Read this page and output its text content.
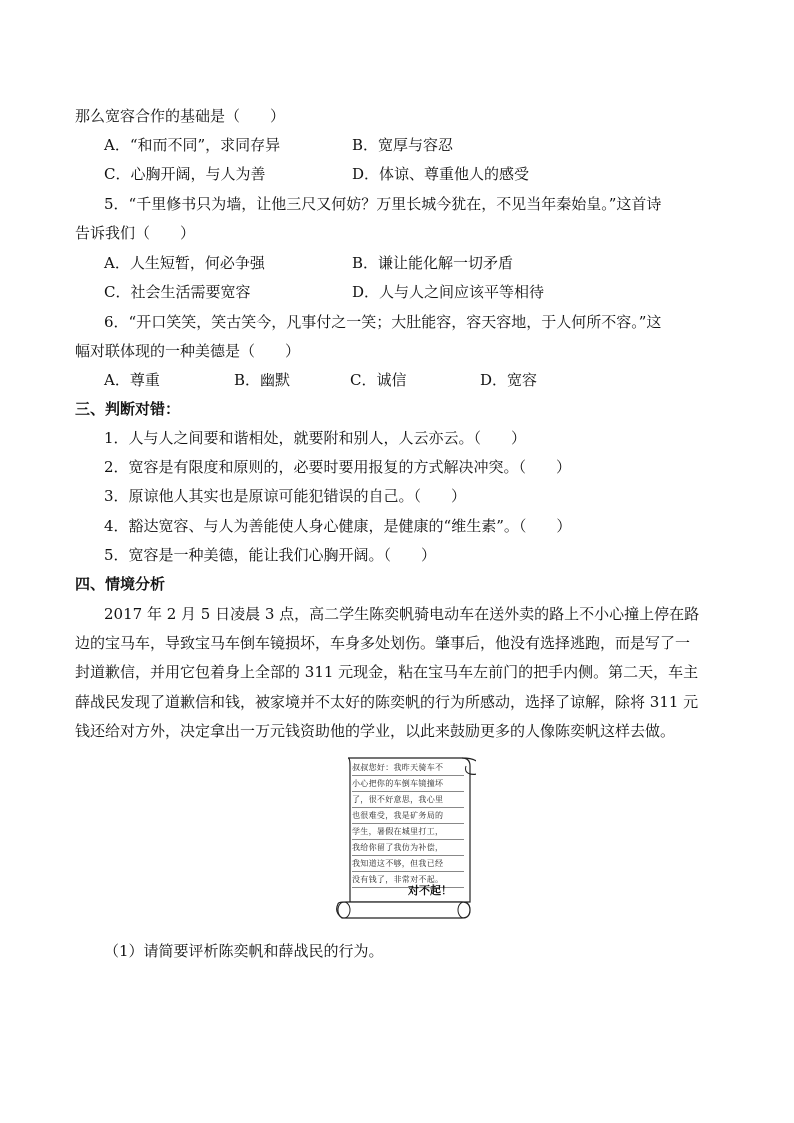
那么宽容合作的基础是（　　）
A．“和而不同”，求同存异	B．宽厚与容忍
C．心胸开阔，与人为善	D．体谅、尊重他人的感受
5．“千里修书只为墙，让他三尺又何妨？万里长城今犹在，不见当年秦始皇。”这首诗
告诉我们（　　）
A．人生短暂，何必争强	B．谦让能化解一切矛盾
C．社会生活需要宽容	D．人与人之间应该平等相待
6．“开口笑笑，笑古笑今，凡事付之一笑；大肚能容，容天容地，于人何所不容。”这
幅对联体现的一种美德是（　　）
A．尊重	B．幽默	C．诚信	D．宽容
三、判断对错：
1．人与人之间要和谐相处，就要附和别人，人云亦云。（　　）
2．宽容是有限度和原则的，必要时要用报复的方式解决冲突。（　　）
3．原谅他人其实也是原谅可能犯错误的自己。（　　）
4．豁达宽容、与人为善能使人身心健康，是健康的“维生素”。（　　）
5．宽容是一种美德，能让我们心胸开阔。（　　）
四、情境分析
2017 年 2 月 5 日凌晨 3 点，高二学生陈奕帆骑电动车在送外卖的路上不小心撞上停在路
边的宝马车，导致宝马车倒车镜损坏，车身多处划伤。肇事后，他没有选择逃跑，而是写了一
封道歉信，并用它包着身上全部的 311 元现金，粘在宝马车左前门的把手内侧。第二天，车主
薛战民发现了道歉信和钱，被家境并不太好的陈奕帆的行为所感动，选择了谅解，除将 311 元
钱还给对方外，决定拿出一万元钱资助他的学业，以此来鼓励更多的人像陈奕帆这样去做。
叔叔您好：我昨天骑车不
小心把你的车倒车镜撞坏
了，很不好意思，我心里
也很难受，我是矿务局的
学生，暑假在城里打工，
我给你留了我仿为补偿，
我知道这不够，但我已经
没有钱了，非常对不起。
对不起！
（1）请简要评析陈奕帆和薛战民的行为。
